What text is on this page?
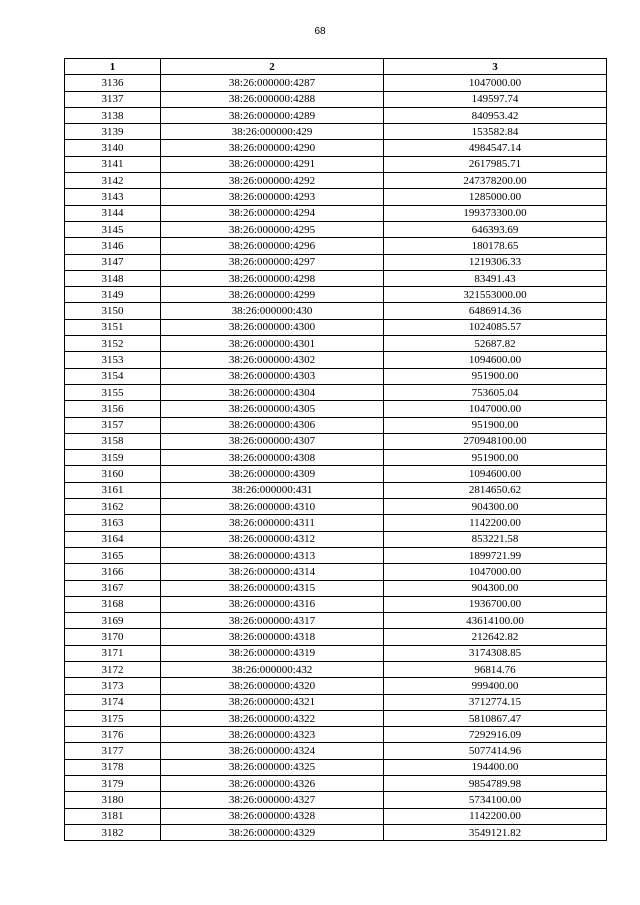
68
1	2	3
3136	38:26:000000:4287	1047000.00
3137	38:26:000000:4288	149597.74
3138	38:26:000000:4289	840953.42
3139	38:26:000000:429	153582.84
3140	38:26:000000:4290	4984547.14
3141	38:26:000000:4291	2617985.71
3142	38:26:000000:4292	247378200.00
3143	38:26:000000:4293	1285000.00
3144	38:26:000000:4294	199373300.00
3145	38:26:000000:4295	646393.69
3146	38:26:000000:4296	180178.65
3147	38:26:000000:4297	1219306.33
3148	38:26:000000:4298	83491.43
3149	38:26:000000:4299	321553000.00
3150	38:26:000000:430	6486914.36
3151	38:26:000000:4300	1024085.57
3152	38:26:000000:4301	52687.82
3153	38:26:000000:4302	1094600.00
3154	38:26:000000:4303	951900.00
3155	38:26:000000:4304	753605.04
3156	38:26:000000:4305	1047000.00
3157	38:26:000000:4306	951900.00
3158	38:26:000000:4307	270948100.00
3159	38:26:000000:4308	951900.00
3160	38:26:000000:4309	1094600.00
3161	38:26:000000:431	2814650.62
3162	38:26:000000:4310	904300.00
3163	38:26:000000:4311	1142200.00
3164	38:26:000000:4312	853221.58
3165	38:26:000000:4313	1899721.99
3166	38:26:000000:4314	1047000.00
3167	38:26:000000:4315	904300.00
3168	38:26:000000:4316	1936700.00
3169	38:26:000000:4317	43614100.00
3170	38:26:000000:4318	212642.82
3171	38:26:000000:4319	3174308.85
3172	38:26:000000:432	96814.76
3173	38:26:000000:4320	999400.00
3174	38:26:000000:4321	3712774.15
3175	38:26:000000:4322	5810867.47
3176	38:26:000000:4323	7292916.09
3177	38:26:000000:4324	5077414.96
3178	38:26:000000:4325	194400.00
3179	38:26:000000:4326	9854789.98
3180	38:26:000000:4327	5734100.00
3181	38:26:000000:4328	1142200.00
3182	38:26:000000:4329	3549121.82
